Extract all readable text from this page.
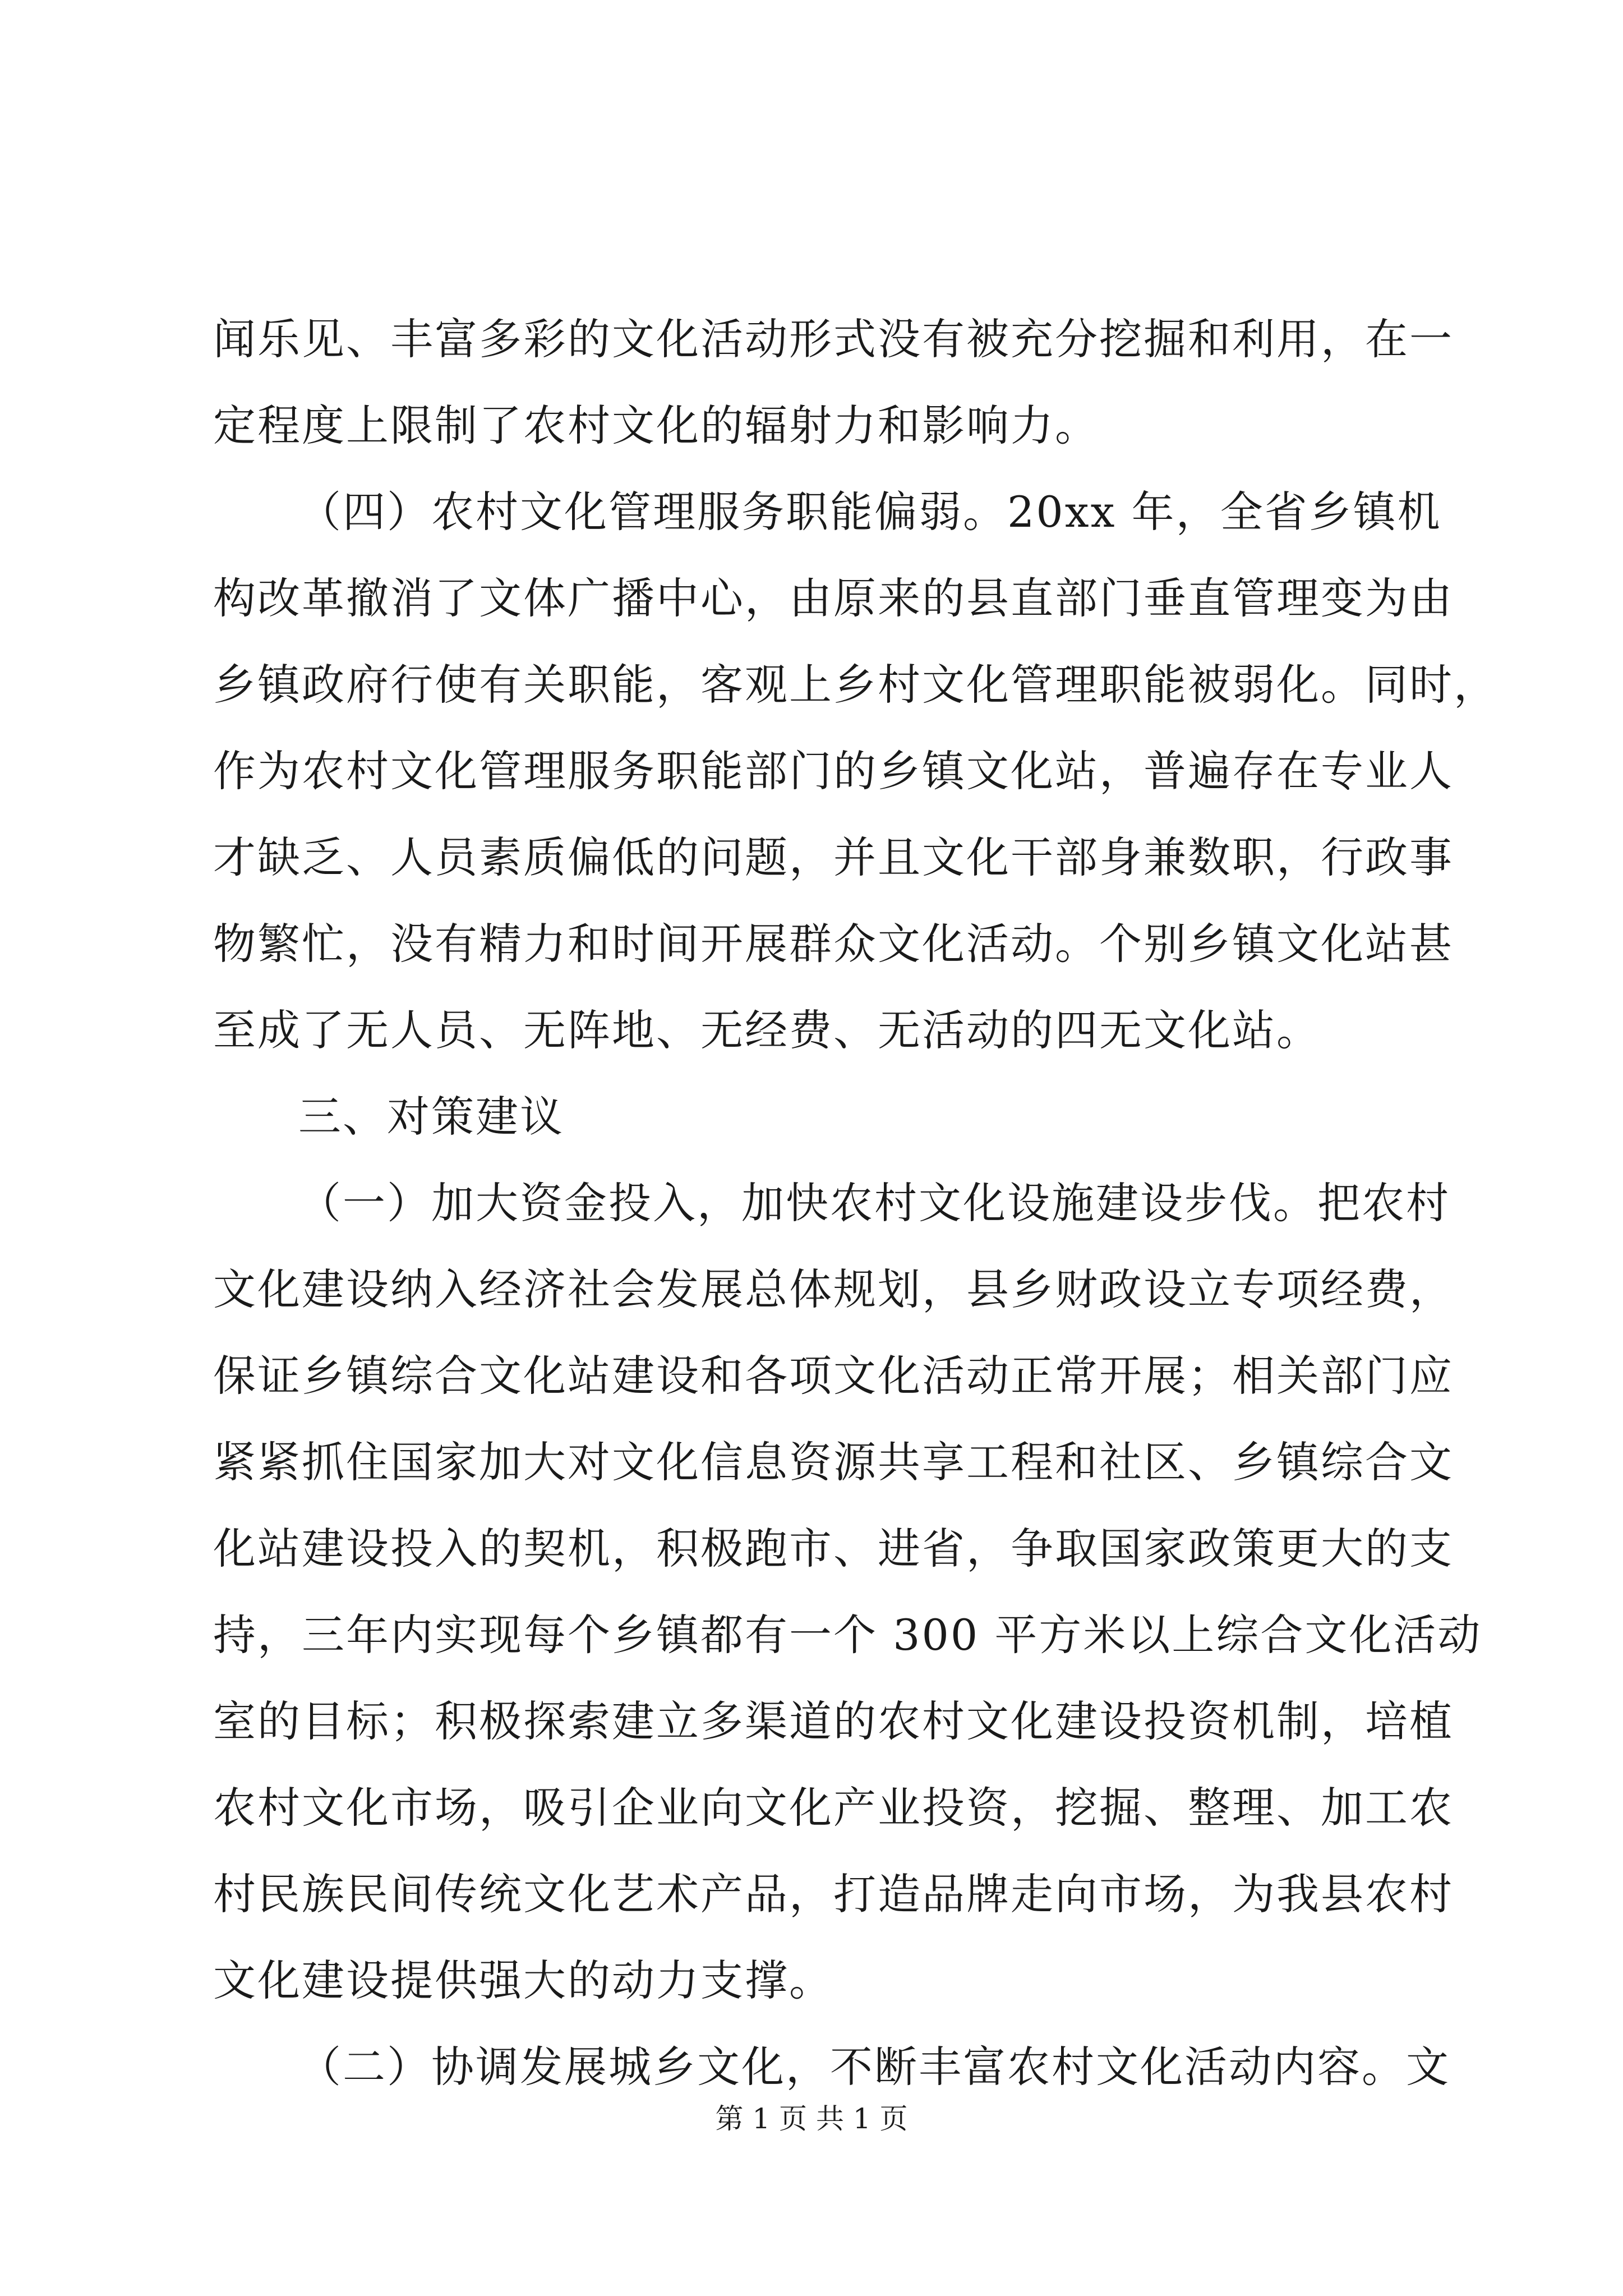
闻乐见、丰富多彩的文化活动形式没有被充分挖掘和利用，在一
定程度上限制了农村文化的辐射力和影响力。
（四）农村文化管理服务职能偏弱。20xx 年，全省乡镇机
构改革撤消了文体广播中心，由原来的县直部门垂直管理变为由
乡镇政府行使有关职能，客观上乡村文化管理职能被弱化。同时，
作为农村文化管理服务职能部门的乡镇文化站，普遍存在专业人
才缺乏、人员素质偏低的问题，并且文化干部身兼数职，行政事
物繁忙，没有精力和时间开展群众文化活动。个别乡镇文化站甚
至成了无人员、无阵地、无经费、无活动的四无文化站。
三、对策建议
（一）加大资金投入，加快农村文化设施建设步伐。把农村
文化建设纳入经济社会发展总体规划，县乡财政设立专项经费，
保证乡镇综合文化站建设和各项文化活动正常开展；相关部门应
紧紧抓住国家加大对文化信息资源共享工程和社区、乡镇综合文
化站建设投入的契机，积极跑市、进省，争取国家政策更大的支
持，三年内实现每个乡镇都有一个 300 平方米以上综合文化活动
室的目标；积极探索建立多渠道的农村文化建设投资机制，培植
农村文化市场，吸引企业向文化产业投资，挖掘、整理、加工农
村民族民间传统文化艺术产品，打造品牌走向市场，为我县农村
文化建设提供强大的动力支撑。
（二）协调发展城乡文化，不断丰富农村文化活动内容。文
第 1 页 共 1 页
